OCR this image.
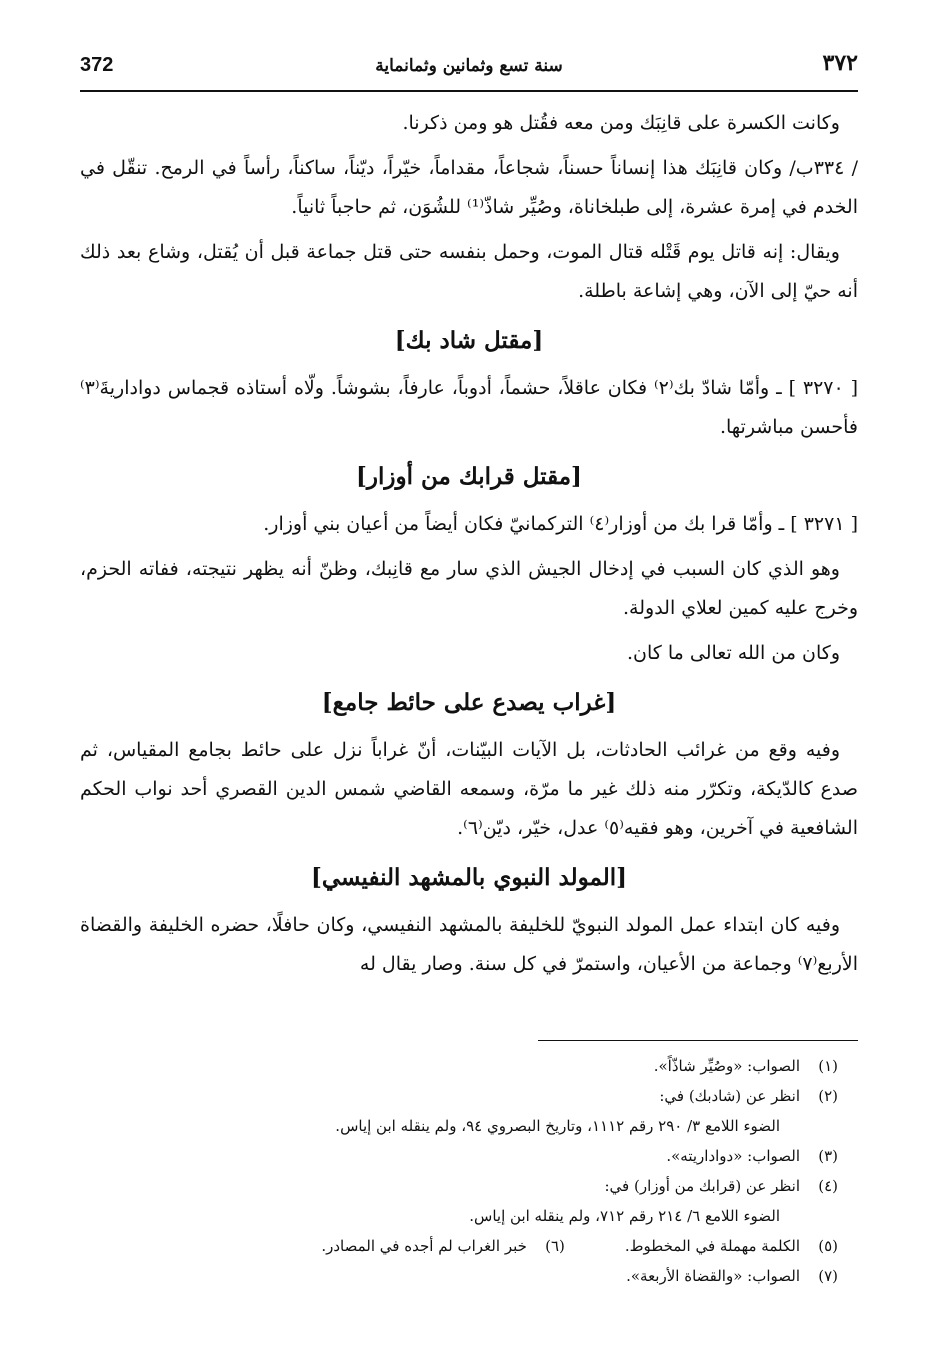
372	سنة تسع وثمانين وثمانماية	٣٧٢

وكانت الكسرة على قانِبَك ومن معه فقُتل هو ومن ذكرنا.

/ ٣٣٤ب/ وكان قانِبَك هذا إنساناً حسناً، شجاعاً، مقداماً، خيّراً، ديّناً، ساكناً، رأساً في الرمح. تنقّل في الخدم في إمرة عشرة، إلى طبلخاناة، وصُيِّر شاذّ⁽¹⁾ للشُوَن، ثم حاجباً ثانياً.

ويقال: إنه قاتل يوم قَتْله قتال الموت، وحمل بنفسه حتى قتل جماعة قبل أن يُقتل، وشاع بعد ذلك أنه حيّ إلى الآن، وهي إشاعة باطلة.

[مقتل شاد بك]

[ ٣٢٧٠ ] ـ وأمّا شادّ بك⁽٢⁾ فكان عاقلاً، حشماً، أدوباً، عارفاً، بشوشاً. ولّاه أستاذه قجماس دواداريةَ⁽٣⁾ فأحسن مباشرتها.

[مقتل قرابك من أوزار]

[ ٣٢٧١ ] ـ وأمّا قرا بك من أوزار⁽٤⁾ التركمانيّ فكان أيضاً من أعيان بني أوزار.

وهو الذي كان السبب في إدخال الجيش الذي سار مع قانِبك، وظنّ أنه يظهر نتيجته، ففاته الحزم، وخرج عليه كمين لعلاي الدولة.

وكان من الله تعالى ما كان.

[غراب يصدع على حائط جامع]

وفيه وقع من غرائب الحادثات، بل الآيات البيّنات، أنّ غراباً نزل على حائط بجامع المقياس، ثم صدع كالدّيكة، وتكرّر منه ذلك غير ما مرّة، وسمعه القاضي شمس الدين القصري أحد نواب الحكم الشافعية في آخرين، وهو فقيه⁽٥⁾ عدل، خيّر، ديّن⁽٦⁾.

[المولد النبوي بالمشهد النفيسي]

وفيه كان ابتداء عمل المولد النبويّ للخليفة بالمشهد النفيسي، وكان حافلًا، حضره الخليفة والقضاة الأربع⁽٧⁾ وجماعة من الأعيان، واستمرّ في كل سنة. وصار يقال له

(١)الصواب: «وصُيِّر شاذّاً».

(٢)انظر عن (شادبك) في:

الضوء اللامع ٣/ ٢٩٠ رقم ١١١٢، وتاريخ البصروي ٩٤، ولم ينقله ابن إياس.

(٣)الصواب: «دواداريته».

(٤)انظر عن (قرابك من أوزار) في:

الضوء اللامع ٦/ ٢١٤ رقم ٧١٢، ولم ينقله ابن إياس.

(٥)الكلمة مهملة في المخطوط.
(٦)خبر الغراب لم أجده في المصادر.

(٧)الصواب: «والقضاة الأربعة».
